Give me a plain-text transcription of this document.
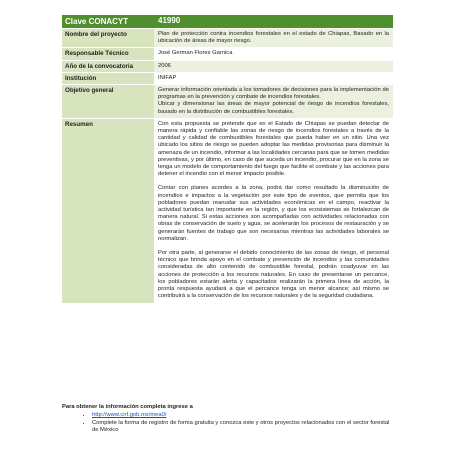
Clave CONACYT	41990
Nombre del proyecto	Plan de protección contra incendios forestales en el estado de Chiapas, Basado en la ubicación de áreas de mayor riesgo.
Responsable Técnico	José German Flores Garnica
Año de la convocatoria	2006
Institución	INIFAP
Objetivo general	Generar información orientada a los tomadores de decisiones para la implementación de programas en la prevención y combate de incendios forestales.

Ubicar y dimensionar las áreas de mayor potencial de riesgo de incendios forestales, basado en la distribución de combustibles forestales.

Resumen	Con esta propuesta se pretende que en el Estado de Chiapas se puedan detectar de manera rápida y confiable las zonas de riesgo de incendios forestales a través de la cantidad y calidad de combustibles forestales que pueda haber en un sitio. Una vez ubicado los sitios de riesgo se pueden adoptar las medidas provisorias para disminuir la amenaza de un incendio, informar a las localidades cercanas para que se tomen medidas preventivas, y por último, en caso de que suceda un incendio, procurar que en la zona se tenga un modelo de comportamiento del fuego que facilite el combate y las acciones para detener el incendio con el menor impacto posible.

Contar con planes acordes a la zona, podrá dar como resultado la disminución de incendios e impactos a la vegetación por este tipo de eventos, que permita que los pobladores puedan reanudar sus actividades económicas en el campo, reactivar la actividad turística tan importante en la región, y que los ecosistemas se fortalezcan de manera natural. Si estas acciones son acompañadas con actividades relacionadas con obras de conservación de suelo y agua, se acelerarán los procesos de restauración y se generarán fuentes de trabajo que son necesarias mientras las actividades laborales se normalizan.

Por otra parte, al generarse el debido conocimiento de las zonas de riesgo, el personal técnico que brinda apoyo en el combate y prevención de incendios y las comunidades consideradas de alto contenido de combustible forestal, podrán coadyuvar en las acciones de protección a los recursos naturales. En caso de presentarse un percance, los pobladores estarán alerta y capacitados realizarán la primera línea de acción, la pronta respuesta ayudará a que el percance tenga un menor alcance; así mismo se contribuirá a la conservación de los recursos naturales y de la seguridad ciudadana.

Para obtener la información completa ingrese a
• http://www.cnf.gob.mx/mea0/
• Complete la forma de registro de forma gratuita y conozca este y otros proyectos relacionados con el sector forestal de México
